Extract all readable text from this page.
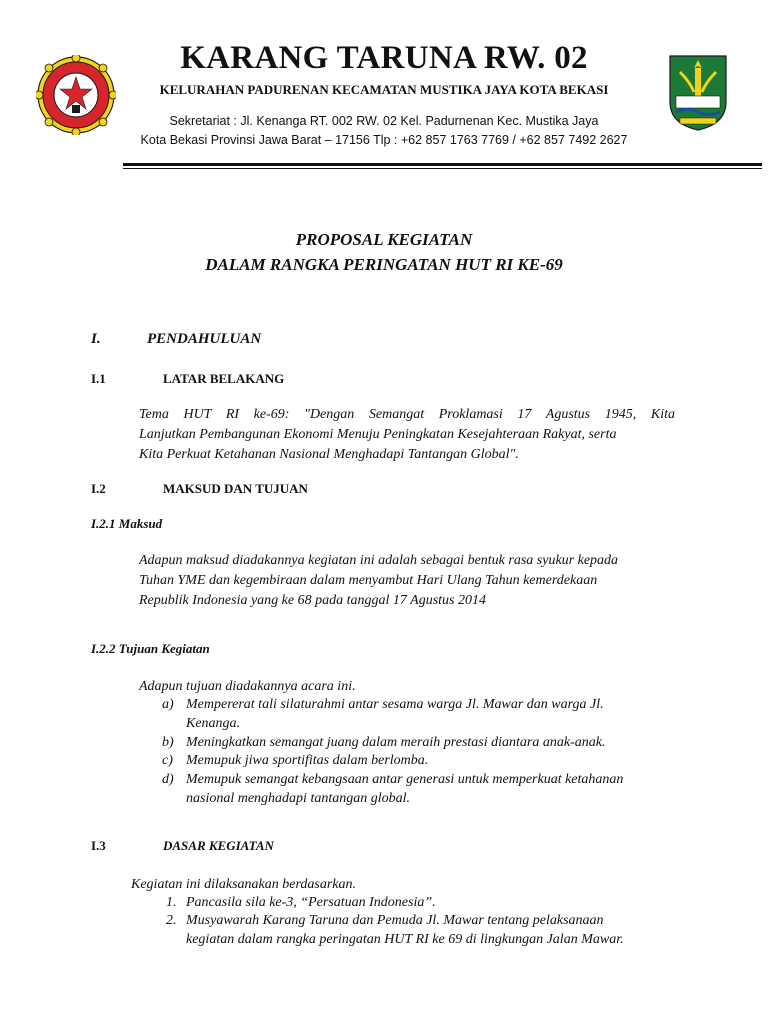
KARANG TARUNA RW. 02
KELURAHAN PADURENAN KECAMATAN MUSTIKA JAYA KOTA BEKASI
Sekretariat : Jl. Kenanga RT. 002 RW. 02 Kel. Padurnenan Kec. Mustika Jaya
Kota Bekasi Provinsi Jawa Barat – 17156 Tlp : +62 857 1763 7769 / +62 857 7492 2627
PROPOSAL KEGIATAN
DALAM RANGKA PERINGATAN HUT RI KE-69
I.	PENDAHULUAN
I.1	LATAR BELAKANG
Tema HUT RI ke-69: "Dengan Semangat Proklamasi 17 Agustus 1945, Kita
Lanjutkan Pembangunan Ekonomi Menuju Peningkatan Kesejahteraan Rakyat, serta
Kita Perkuat Ketahanan Nasional Menghadapi Tantangan Global".
I.2	MAKSUD DAN TUJUAN
I.2.1 Maksud
Adapun maksud diadakannya kegiatan ini adalah sebagai bentuk rasa syukur kepada
Tuhan YME dan kegembiraan dalam menyambut Hari Ulang Tahun kemerdekaan
Republik Indonesia yang ke 68 pada tanggal 17 Agustus 2014
I.2.2 Tujuan Kegiatan
Adapun tujuan diadakannya acara ini.
a) Mempererat tali silaturahmi antar sesama warga Jl. Mawar dan warga Jl.
Kenanga.
b) Meningkatkan semangat juang dalam meraih prestasi diantara anak-anak.
c) Memupuk jiwa sportifitas dalam berlomba.
d) Memupuk semangat kebangsaan antar generasi untuk memperkuat ketahanan
nasional menghadapi tantangan global.
I.3	DASAR KEGIATAN
Kegiatan ini dilaksanakan berdasarkan.
1. Pancasila sila ke-3, “Persatuan Indonesia”.
2. Musyawarah Karang Taruna dan Pemuda Jl. Mawar tentang pelaksanaan
kegiatan dalam rangka peringatan HUT RI ke 69 di lingkungan Jalan Mawar.
